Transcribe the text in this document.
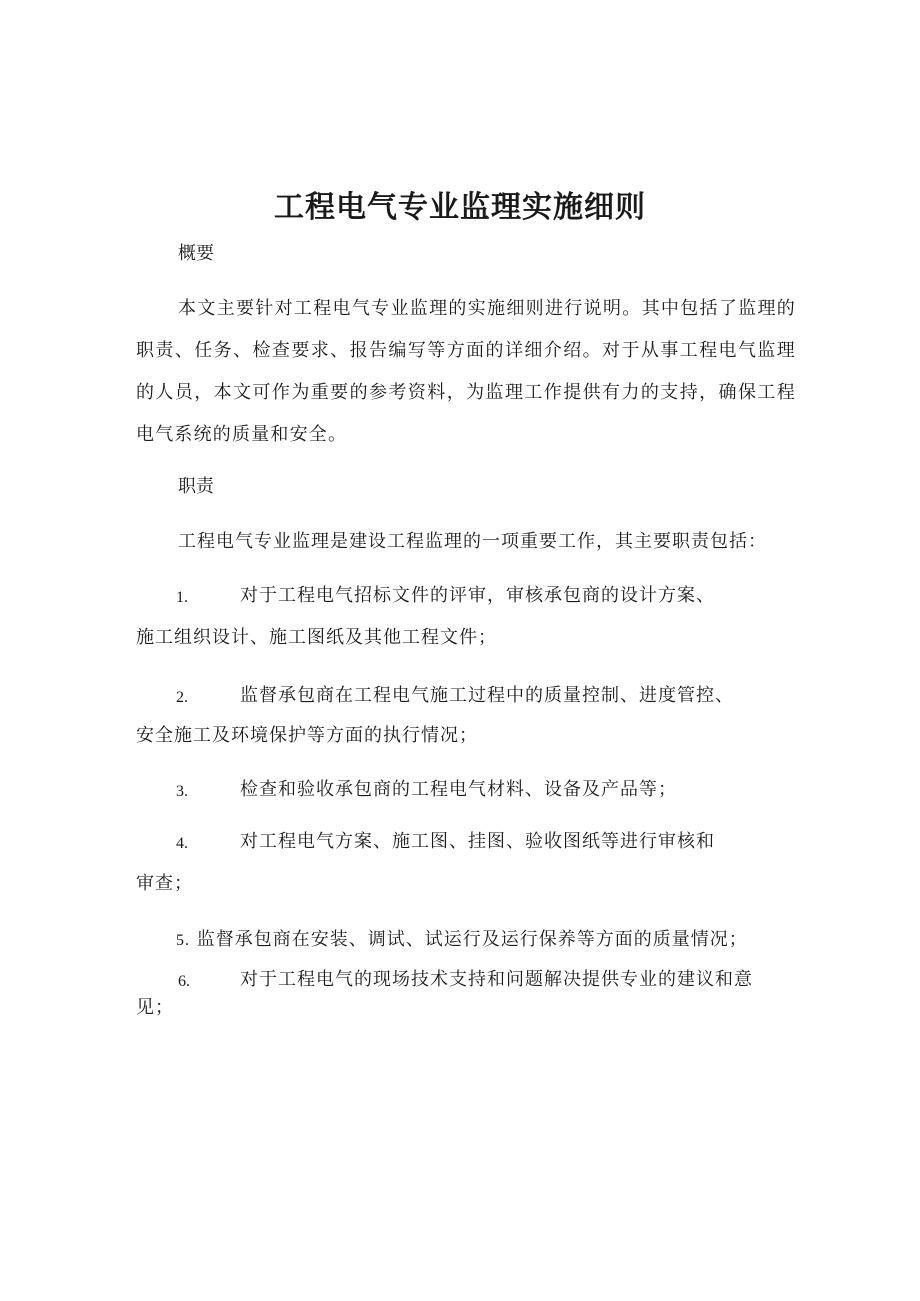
工程电气专业监理实施细则
概要
本文主要针对工程电气专业监理的实施细则进行说明。其中包括了监理的职责、任务、检查要求、报告编写等方面的详细介绍。对于从事工程电气监理的人员，本文可作为重要的参考资料，为监理工作提供有力的支持，确保工程电气系统的质量和安全。
职责
工程电气专业监理是建设工程监理的一项重要工作，其主要职责包括：
1.	对于工程电气招标文件的评审，审核承包商的设计方案、
施工组织设计、施工图纸及其他工程文件；
2.	监督承包商在工程电气施工过程中的质量控制、进度管控、
安全施工及环境保护等方面的执行情况；
3.	检查和验收承包商的工程电气材料、设备及产品等；
4.	对工程电气方案、施工图、挂图、验收图纸等进行审核和
审查；
5. 监督承包商在安装、调试、试运行及运行保养等方面的质量情况；
6.	对于工程电气的现场技术支持和问题解决提供专业的建议和意
见；
